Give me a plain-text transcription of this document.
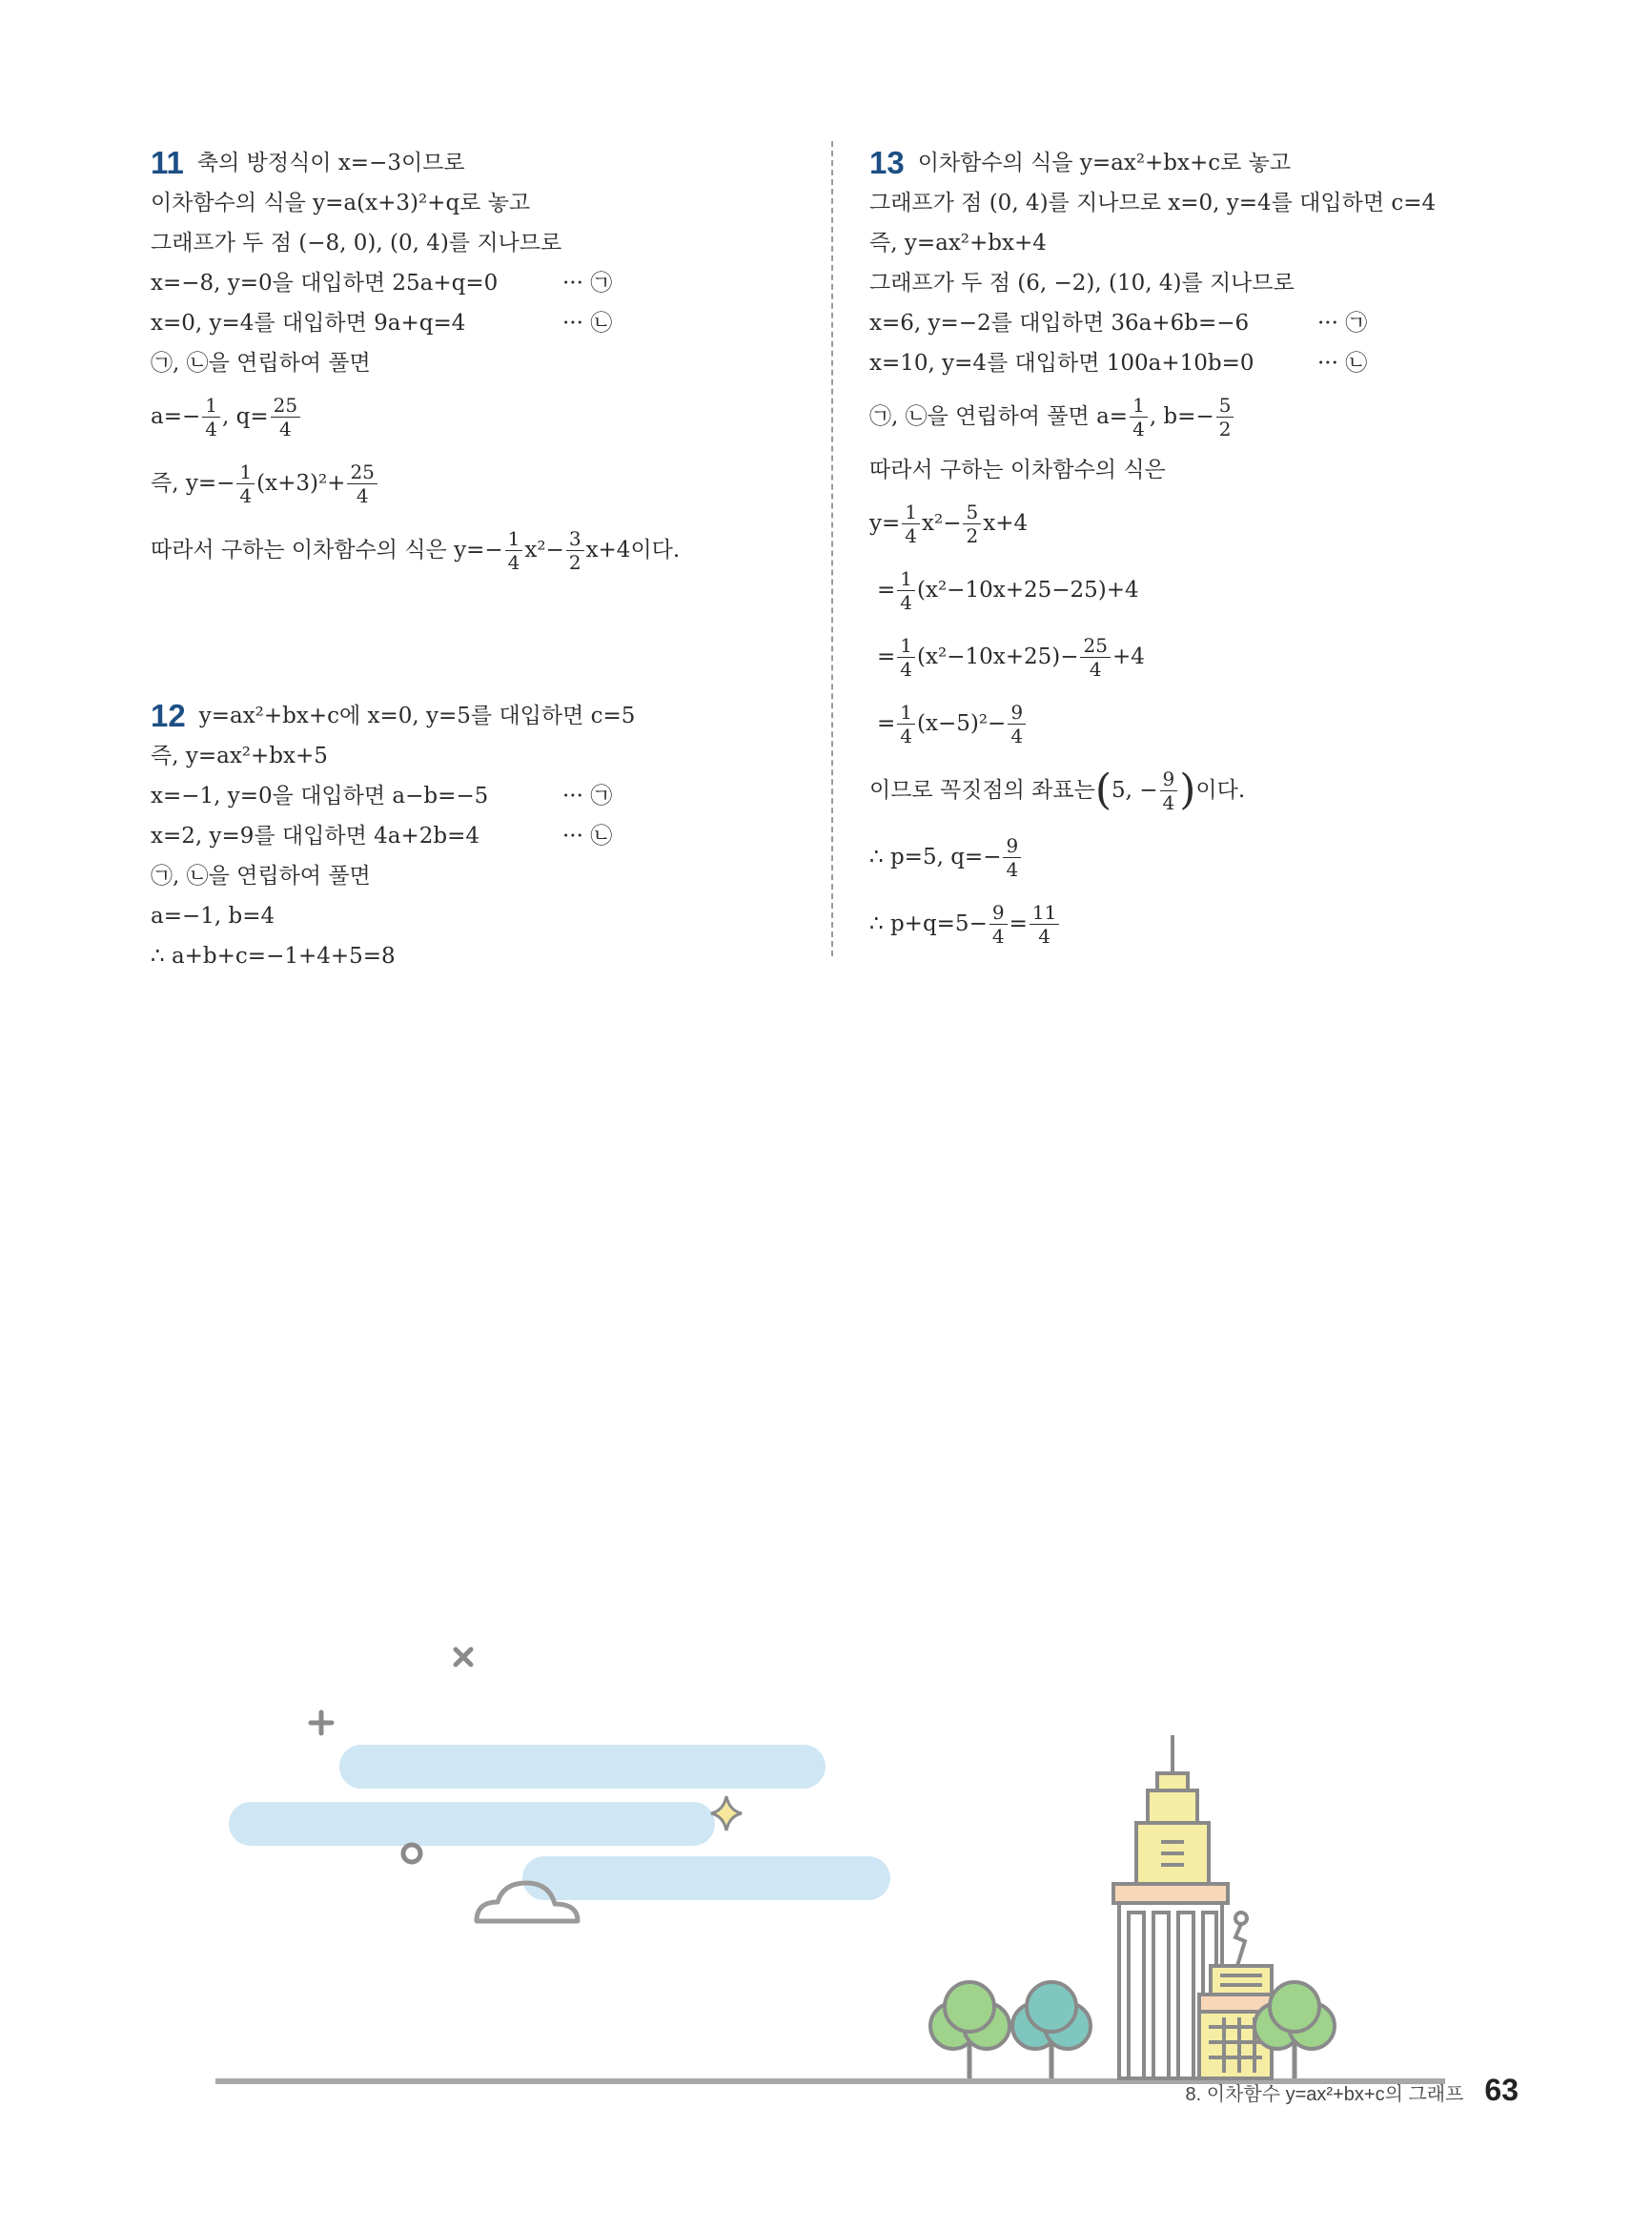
11 축의 방정식이 x=−3이므로
이차함수의 식을 y=a(x+3)²+q로 놓고
그래프가 두 점 (−8, 0), (0, 4)를 지나므로
x=−8, y=0을 대입하면 25a+q=0	··· ㉠
x=0, y=4를 대입하면 9a+q=4	··· ㉡
㉠, ㉡을 연립하여 풀면
$a=- \frac{1}{4}$ , $q= \frac{25}{4}$
즉, $y=- \frac{1}{4} (x+3)^2+ \frac{25}{4}$
따라서 구하는 이차함수의 식은 $y=- \frac{1}{4} x^2- \frac{3}{2} x+4$이다.
12 y=ax²+bx+c에 x=0, y=5를 대입하면 c=5
즉, y=ax²+bx+5
x=−1, y=0을 대입하면 a−b=−5	··· ㉠
x=2, y=9를 대입하면 4a+2b=4	··· ㉡
㉠, ㉡을 연립하여 풀면
a=−1, b=4
∴ a+b+c=−1+4+5=8
13 이차함수의 식을 y=ax²+bx+c로 놓고
그래프가 점 (0, 4)를 지나므로 x=0, y=4를 대입하면 c=4
즉, y=ax²+bx+4
그래프가 두 점 (6, −2), (10, 4)를 지나므로
x=6, y=−2를 대입하면 36a+6b=−6	··· ㉠
x=10, y=4를 대입하면 100a+10b=0	··· ㉡
㉠, ㉡을 연립하여 풀면 $a= \frac{1}{4}$ , $b=- \frac{5}{2}$
따라서 구하는 이차함수의 식은
$y= \frac{1}{4} x^2- \frac{5}{2} x+4$
= $\frac{1}{4} (x^2-10x+25-25)+4$
= $\frac{1}{4} (x^2-10x+25)- \frac{25}{4} +4$
= $\frac{1}{4} (x-5)^2- \frac{9}{4}$
이므로 꼭짓점의 좌표는 ( 5, − $\frac{9}{4}$ ) 이다.
∴ p=5, $q=- \frac{9}{4}$
∴ $p+q=5- \frac{9}{4} = \frac{11}{4}$
8. 이차함수 y=ax²+bx+c의 그래프 63
